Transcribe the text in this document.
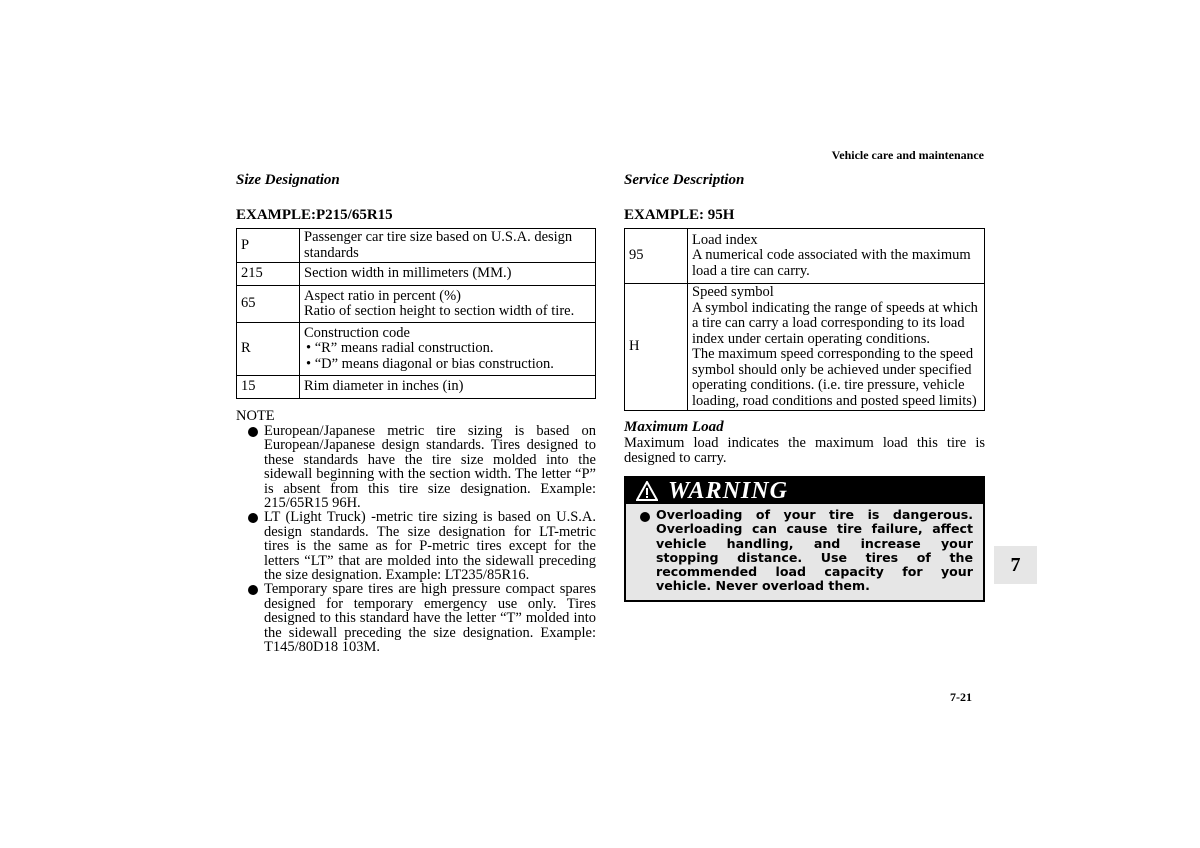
Vehicle care and maintenance
Size Designation
EXAMPLE:P215/65R15
P	Passenger car tire size based on U.S.A. design standards

215	Section width in millimeters (MM.)

65	Aspect ratio in percent (%)
Ratio of section height to section width of tire.

R	Construction code
• “R” means radial construction.
• “D” means diagonal or bias construction.

15	Rim diameter in inches (in)
NOTE
European/Japanese metric tire sizing is based on European/Japanese design standards. Tires designed to these standards have the tire size molded into the sidewall beginning with the section width. The letter “P” is absent from this tire size designation. Example: 215/65R15 96H.
LT (Light Truck) -metric tire sizing is based on U.S.A. design standards. The size designation for LT-metric tires is the same as for P-metric tires except for the letters “LT” that are molded into the sidewall preceding the size designation. Example: LT235/85R16.
Temporary spare tires are high pressure compact spares designed for temporary emergency use only. Tires designed to this standard have the letter “T” molded into the sidewall preceding the size designation. Example: T145/80D18 103M.
Service Description
EXAMPLE: 95H
95	Load index
A numerical code associated with the maximum load a tire can carry.

H	Speed symbol
A symbol indicating the range of speeds at which a tire can carry a load corresponding to its load index under certain operating conditions.
The maximum speed corresponding to the speed symbol should only be achieved under specified operating conditions. (i.e. tire pressure, vehicle loading, road conditions and posted speed limits)
Maximum Load
Maximum load indicates the maximum load this tire is designed to carry.
WARNING
Overloading of your tire is dangerous. Overloading can cause tire failure, affect vehicle handling, and increase your stopping distance. Use tires of the recommended load capacity for your vehicle. Never overload them.
7
7-21
